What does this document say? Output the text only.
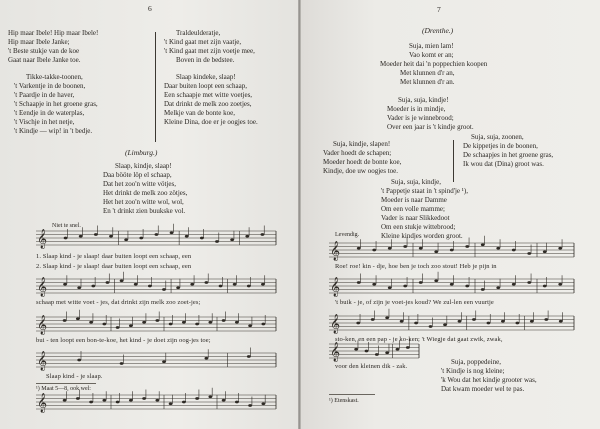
6

Hip maar Ibele! Hip maar Ibele!

Hip maar Ibele Janke;

't Beste stukje van de koe

Gaat naar Ibele Janke toe.

Traldeulderatje,

't Kind gaat met zijn vaatje,

't Kind gaat met zijn voetje mee,

Boven in de bedstee.

Tikke-takke-toonen,

't Varkentje in de boonen,

't Paardje in de haver,

't Schaapje in het groene gras,

't Eendje in de waterplas,

't Vischje in het netje,

't Kindje — wip! in 't bedje.

Slaap kindeke, slaap!

Daar buiten loopt een schaap,

Een schaapje met witte voetjes,

Dat drinkt de melk zoo zoetjes,

Melkje van de bonte koe,

Kleine Dina, doe er je oogjes toe.

(Limburg.)

Slaap, kindje, slaap!

Daa bööte löp el schaap,

Dat het zoo'n witte vötjes,

Het drinkt de melk zoo zötjes,

Het het zoo'n witte wol, wol,

En 't drinkt zien buukske vol.

Niet te snel.

𝄞

1. Slaap kind - je slaap! daar buiten loopt een schaap, een

2. Slaap kind - je slaap! daar buiten loopt een schaap, een

𝄞

schaap met witte voet - jes, dat drinkt zijn melk zoo zoet-jes;

𝄞

bui - ten loopt een bon-te-koe, het kind - je doet zijn oog-jes toe;

𝄞

Slaap kind - je slaap.

¹) Maat 5—8, ook wel:

𝄞

7

(Drenthe.)

Suja, mien lam!

Vao komt er an;

Moeder heit dai 'n poppechien koopen

Met klunnen d'r an,

Met klunnen d'r an.

Suja, suja, kindje!

Moeder is in mindje,

Vader is je winnebrood;

Over een jaar is 't kindje groot.

Suja, kindje, slapen!

Vader hoedt de schapen;

Moeder hoedt de bonte koe,

Kindje, doe uw oogjes toe.

Suja, suja, zoonen,

De kippetjes in de boonen,

De schaapjes in het groene gras,

Ik wou dat (Dina) groot was.

Suja, suja, kindje,

't Pappetje staat in 't spind'je ¹),

Moeder is naar Damme

Om een volle mamme;

Vader is naar Slikkedoot

Om een stukje wittebrood;

Kleine kindjes worden groot.

Levendig.

𝄞

Roe! roe! kin - dje, hoe ben je toch zoo stout! Heb je pijn in

𝄞

't buik - je, of zijn je voet-jes koud? We zul-len een vuurtje

𝄞

sto-ken, en een pap - je ko-ken; 't Wiegje dat gaat zwik, zwak,

𝄞

voor den kleinen dik - zak.

Suja, poppedeine,

't Kindje is nog kleine;

'k Wou dat het kindje grooter was,

Dat kwam moeder wel te pas.

¹) Etenskast.
